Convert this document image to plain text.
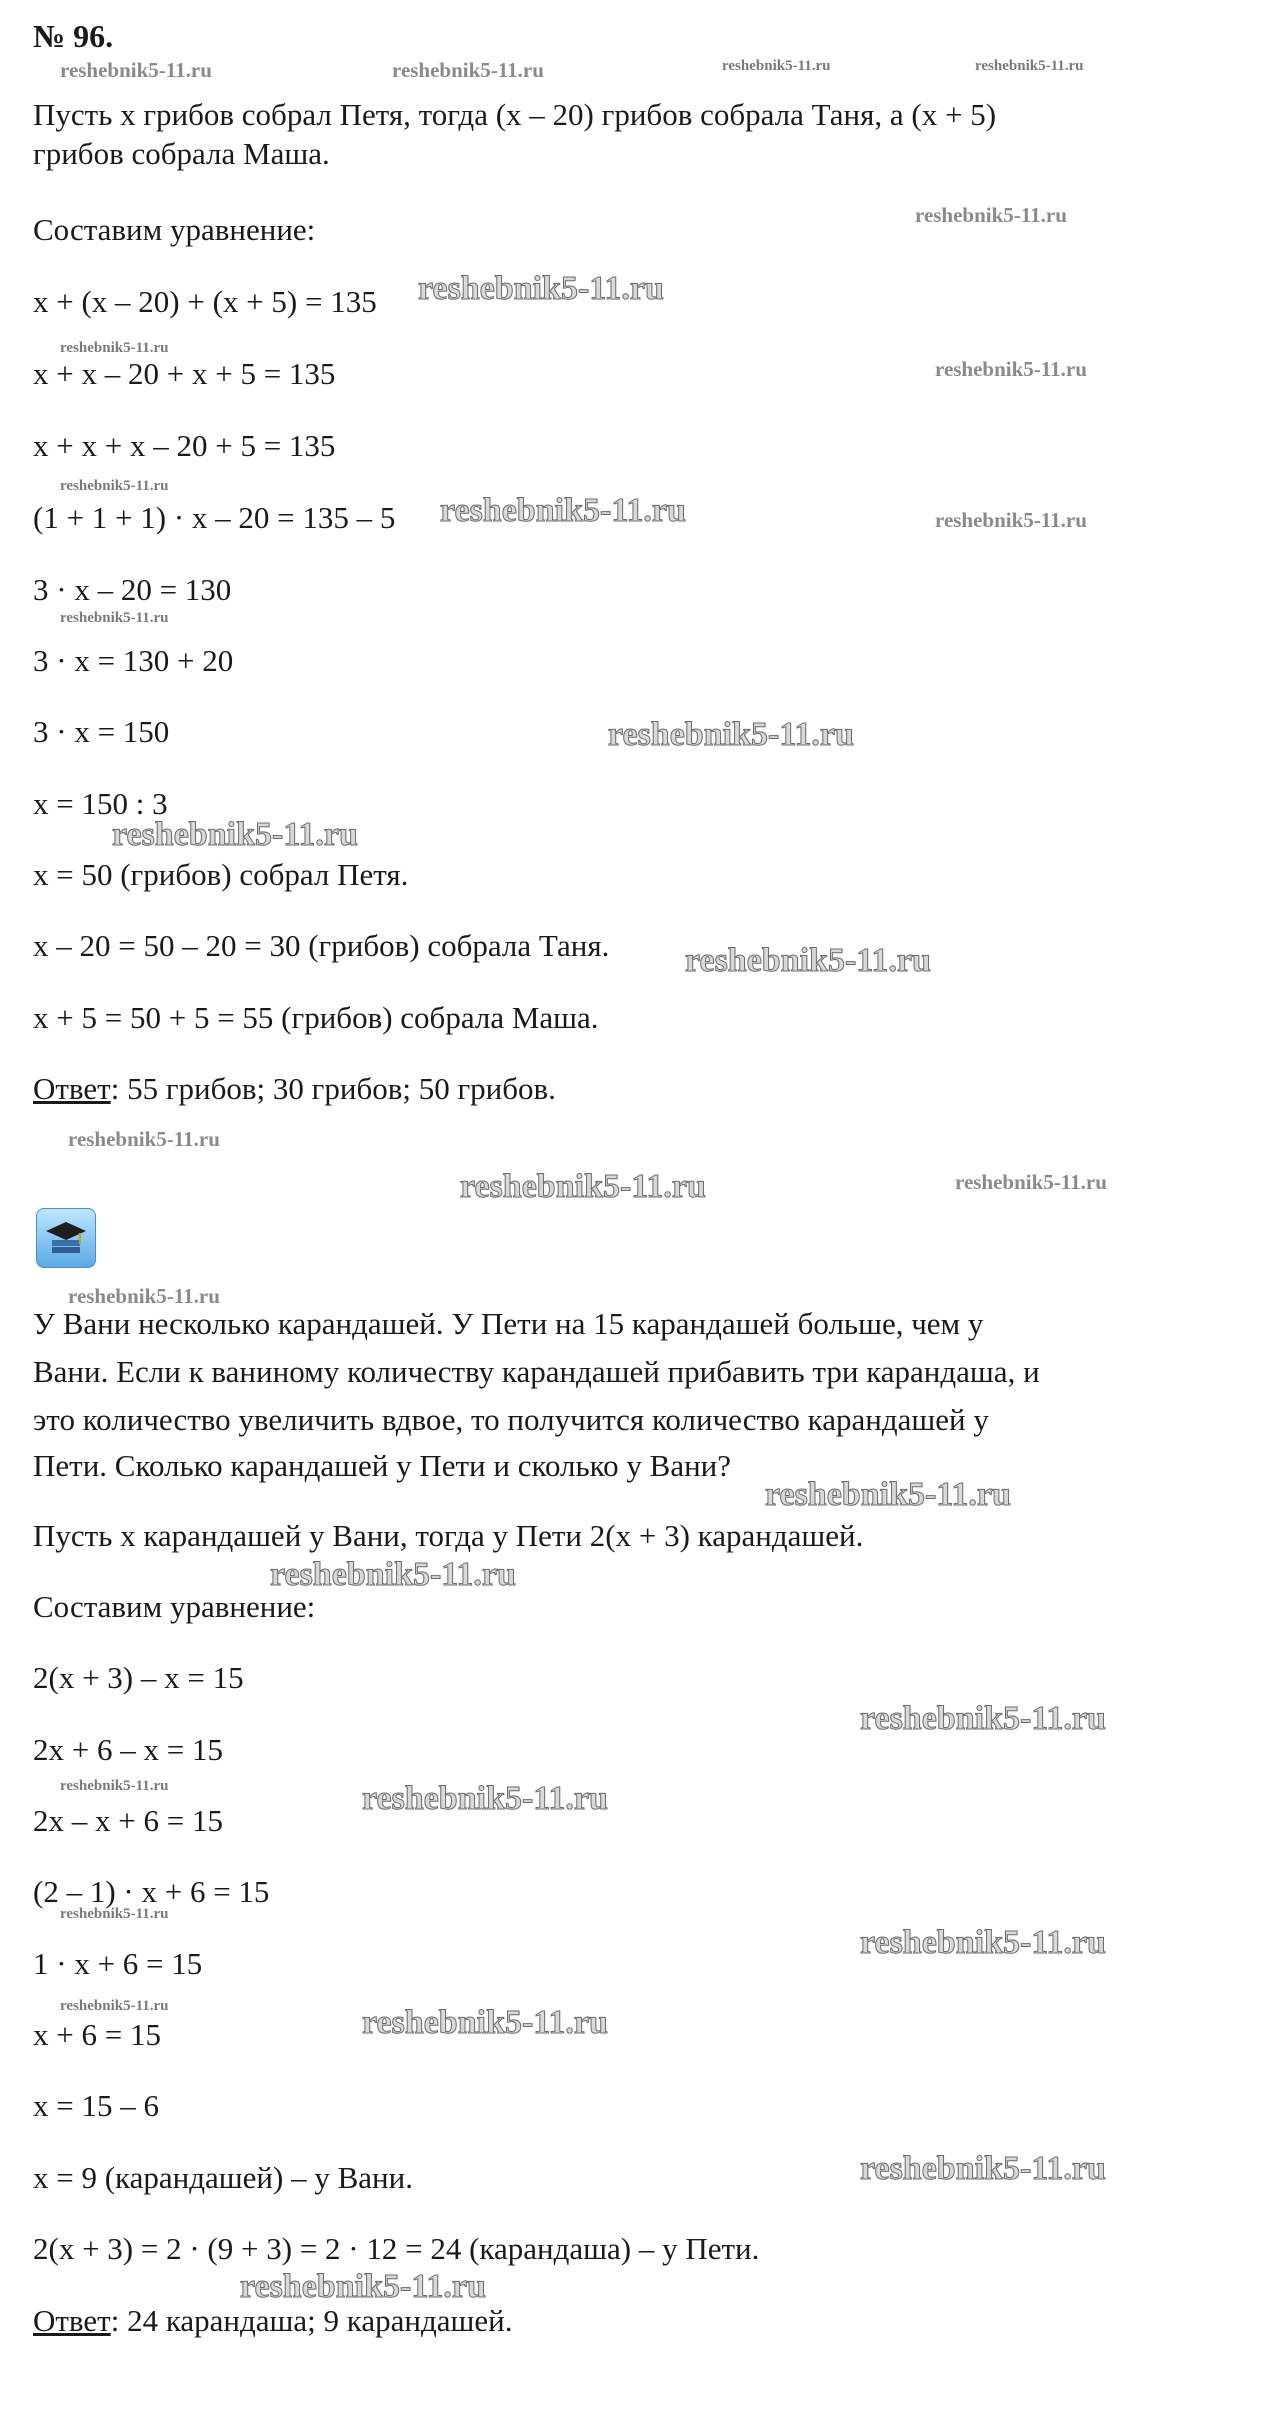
№ 96.
Пусть х грибов собрал Петя, тогда (х – 20) грибов собрала Таня, а (х + 5)
грибов собрала Маша.
Составим уравнение:
х + (х – 20) + (х + 5) = 135
х + х – 20 + х + 5 = 135
х + х + х – 20 + 5 = 135
(1 + 1 + 1) · х – 20 = 135 – 5
3 · х – 20 = 130
3 · х = 130 + 20
3 · х = 150
х = 150 : 3
х = 50 (грибов) собрал Петя.
х – 20 = 50 – 20 = 30 (грибов) собрала Таня.
х + 5 = 50 + 5 = 55 (грибов) собрала Маша.
Ответ: 55 грибов; 30 грибов; 50 грибов.
У Вани несколько карандашей. У Пети на 15 карандашей больше, чем у
Вани. Если к ваниному количеству карандашей прибавить три карандаша, и
это количество увеличить вдвое, то получится количество карандашей у
Пети. Сколько карандашей у Пети и сколько у Вани?
Пусть х карандашей у Вани, тогда у Пети 2(х + 3) карандашей.
Составим уравнение:
2(х + 3) – х = 15
2х + 6 – х = 15
2х – х + 6 = 15
(2 – 1) · х + 6 = 15
1 · х + 6 = 15
х + 6 = 15
х = 15 – 6
х = 9 (карандашей) – у Вани.
2(х + 3) = 2 · (9 + 3) = 2 · 12 = 24 (карандаша) – у Пети.
Ответ: 24 карандаша; 9 карандашей.
reshebnik5-11.ru	reshebnik5-11.ru	reshebnik5-11.ru	reshebnik5-11.ru
reshebnik5-11.ru
reshebnik5-11.ru
reshebnik5-11.ru
reshebnik5-11.ru
reshebnik5-11.ru
reshebnik5-11.ru	reshebnik5-11.ru
reshebnik5-11.ru
reshebnik5-11.ru
reshebnik5-11.ru
reshebnik5-11.ru
reshebnik5-11.ru
reshebnik5-11.ru	reshebnik5-11.ru
reshebnik5-11.ru
reshebnik5-11.ru
reshebnik5-11.ru
reshebnik5-11.ru
reshebnik5-11.ru	reshebnik5-11.ru
reshebnik5-11.ru
reshebnik5-11.ru
reshebnik5-11.ru	reshebnik5-11.ru
reshebnik5-11.ru
reshebnik5-11.ru
